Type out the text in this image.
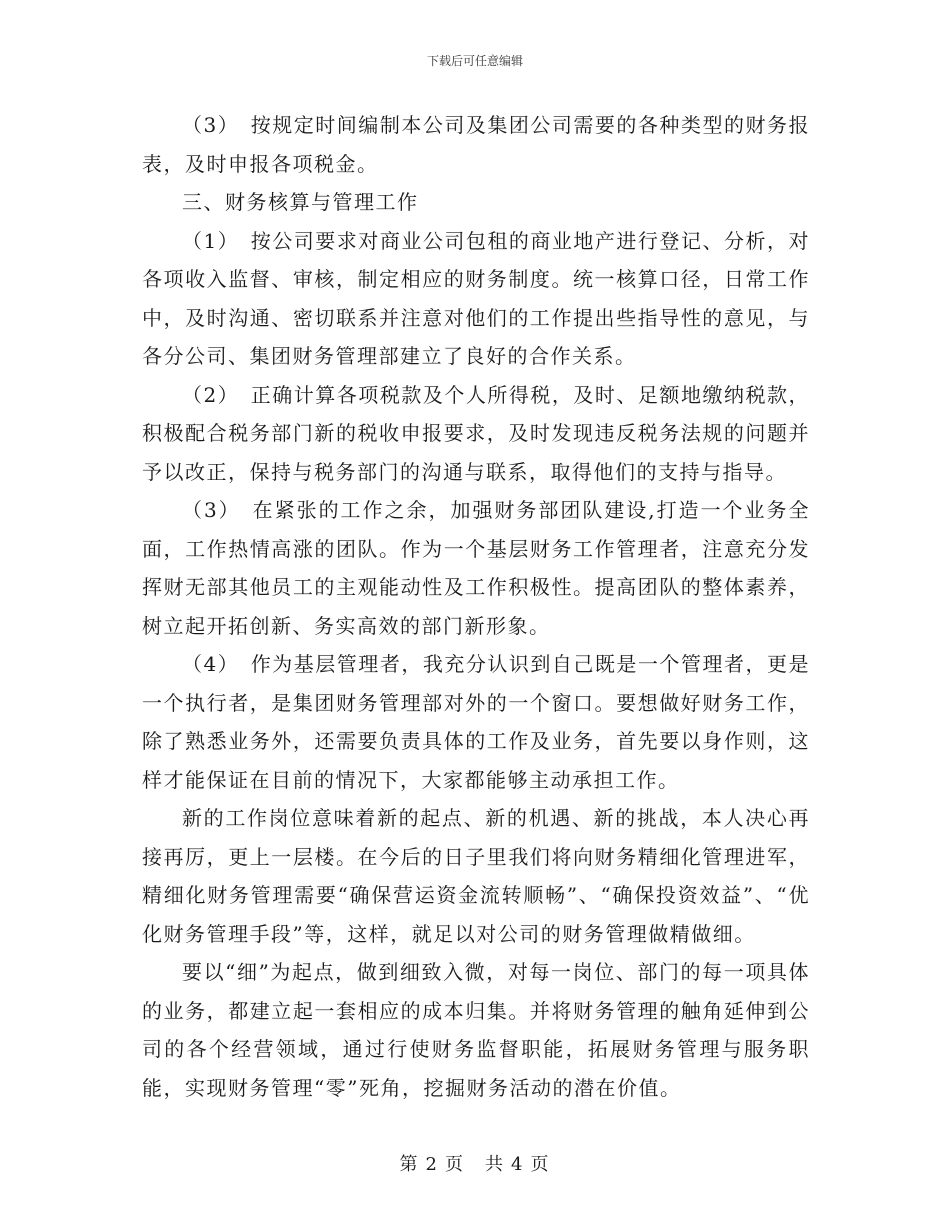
下载后可任意编辑

（3）　按规定时间编制本公司及集团公司需要的各种类型的财务报表，及时申报各项税金。

三、财务核算与管理工作

（1）　按公司要求对商业公司包租的商业地产进行登记、分析，对各项收入监督、审核，制定相应的财务制度。统一核算口径，日常工作中，及时沟通、密切联系并注意对他们的工作提出些指导性的意见，与各分公司、集团财务管理部建立了良好的合作关系。

（2）　正确计算各项税款及个人所得税，及时、足额地缴纳税款，积极配合税务部门新的税收申报要求，及时发现违反税务法规的问题并予以改正，保持与税务部门的沟通与联系，取得他们的支持与指导。

（3）　在紧张的工作之余，加强财务部团队建设,打造一个业务全面，工作热情高涨的团队。作为一个基层财务工作管理者，注意充分发挥财无部其他员工的主观能动性及工作积极性。提高团队的整体素养，树立起开拓创新、务实高效的部门新形象。

（4）　作为基层管理者，我充分认识到自己既是一个管理者，更是一个执行者，是集团财务管理部对外的一个窗口。要想做好财务工作，除了熟悉业务外，还需要负责具体的工作及业务，首先要以身作则，这样才能保证在目前的情况下，大家都能够主动承担工作。

新的工作岗位意味着新的起点、新的机遇、新的挑战，本人决心再接再厉，更上一层楼。在今后的日子里我们将向财务精细化管理进军，精细化财务管理需要“确保营运资金流转顺畅”、“确保投资效益”、“优化财务管理手段”等，这样，就足以对公司的财务管理做精做细。

要以“细”为起点，做到细致入微，对每一岗位、部门的每一项具体的业务，都建立起一套相应的成本归集。并将财务管理的触角延伸到公司的各个经营领域，通过行使财务监督职能，拓展财务管理与服务职能，实现财务管理“零”死角，挖掘财务活动的潜在价值。

第 2 页　共 4 页
